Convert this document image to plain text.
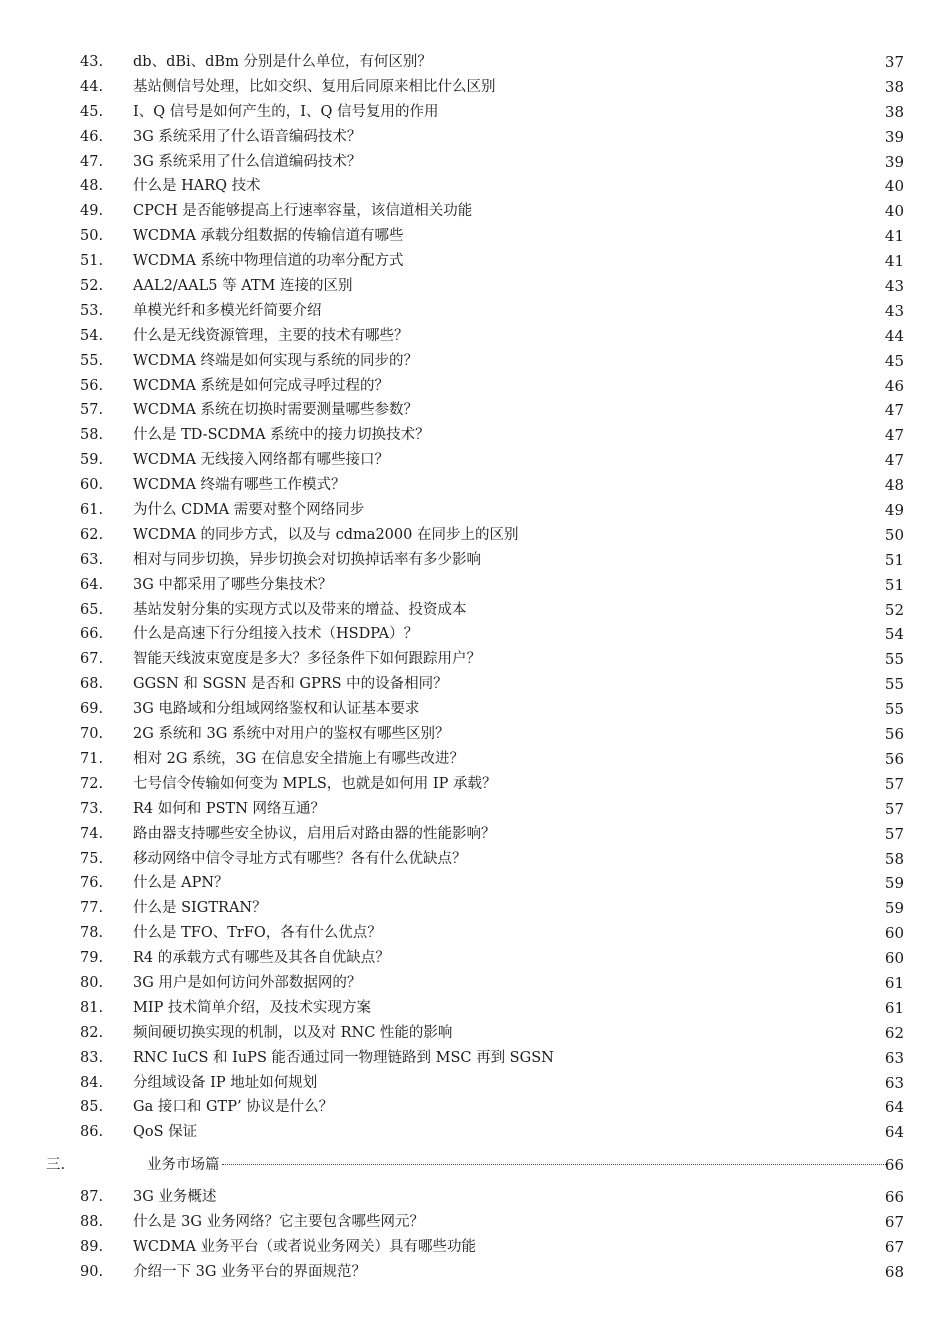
43. db、dBi、dBm 分别是什么单位，有何区别？	37
44. 基站侧信号处理，比如交织、复用后同原来相比什么区别	38
45. I、Q 信号是如何产生的，I、Q 信号复用的作用	38
46. 3G 系统采用了什么语音编码技术？	39
47. 3G 系统采用了什么信道编码技术？	39
48. 什么是 HARQ 技术	40
49. CPCH 是否能够提高上行速率容量，该信道相关功能	40
50. WCDMA 承载分组数据的传输信道有哪些	41
51. WCDMA 系统中物理信道的功率分配方式	41
52. AAL2/AAL5 等 ATM 连接的区别	43
53. 单模光纤和多模光纤简要介绍	43
54. 什么是无线资源管理，主要的技术有哪些？	44
55. WCDMA 终端是如何实现与系统的同步的？	45
56. WCDMA 系统是如何完成寻呼过程的？	46
57. WCDMA 系统在切换时需要测量哪些参数？	47
58. 什么是 TD-SCDMA 系统中的接力切换技术？	47
59. WCDMA 无线接入网络都有哪些接口？	47
60. WCDMA 终端有哪些工作模式？	48
61. 为什么 CDMA 需要对整个网络同步	49
62. WCDMA 的同步方式，以及与 cdma2000 在同步上的区别	50
63. 相对与同步切换，异步切换会对切换掉话率有多少影响	51
64. 3G 中都采用了哪些分集技术？	51
65. 基站发射分集的实现方式以及带来的增益、投资成本	52
66. 什么是高速下行分组接入技术（HSDPA）？	54
67. 智能天线波束宽度是多大？多径条件下如何跟踪用户？	55
68. GGSN 和 SGSN 是否和 GPRS 中的设备相同？	55
69. 3G 电路域和分组域网络鉴权和认证基本要求	55
70. 2G 系统和 3G 系统中对用户的鉴权有哪些区别？	56
71. 相对 2G 系统，3G 在信息安全措施上有哪些改进？	56
72. 七号信令传输如何变为 MPLS，也就是如何用 IP 承载？	57
73. R4 如何和 PSTN 网络互通？	57
74. 路由器支持哪些安全协议，启用后对路由器的性能影响？	57
75. 移动网络中信令寻址方式有哪些？各有什么优缺点？	58
76. 什么是 APN？	59
77. 什么是 SIGTRAN？	59
78. 什么是 TFO、TrFO，各有什么优点？	60
79. R4 的承载方式有哪些及其各自优缺点？	60
80. 3G 用户是如何访问外部数据网的？	61
81. MIP 技术简单介绍，及技术实现方案	61
82. 频间硬切换实现的机制，以及对 RNC 性能的影响	62
83. RNC IuCS 和 IuPS 能否通过同一物理链路到 MSC 再到 SGSN	63
84. 分组域设备 IP 地址如何规划	63
85. Ga 接口和 GTP’ 协议是什么？	64
86. QoS 保证	64
三.	业务市场篇	66
87. 3G 业务概述	66
88. 什么是 3G 业务网络？它主要包含哪些网元？	67
89. WCDMA 业务平台（或者说业务网关）具有哪些功能	67
90. 介绍一下 3G 业务平台的界面规范？	68
